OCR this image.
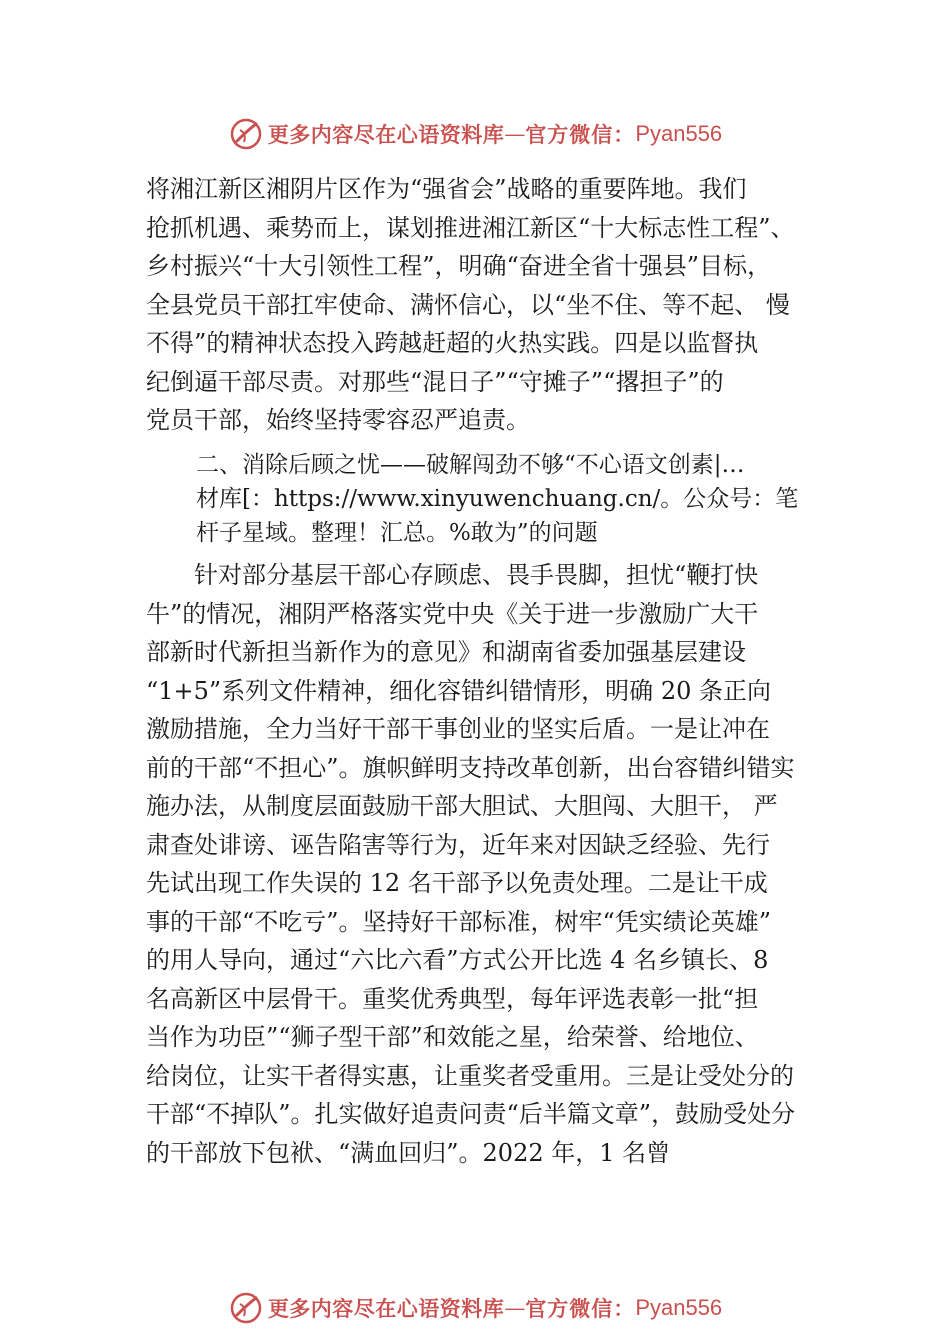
更多内容尽在心语资料库 — 官方微信： Pyan556
将湘江新区湘阴片区作为“强省会”战略的重要阵地。我们
抢抓机遇、乘势而上，谋划推进湘江新区“十大标志性工程”、
乡村振兴“十大引领性工程”，明确“奋进全省十强县”目标，
全县党员干部扛牢使命、满怀信心，以“坐不住、等不起、 慢
不得”的精神状态投入跨越赶超的火热实践。四是以监督执
纪倒逼干部尽责。对那些“混日子”“守摊子”“撂担子”的
党员干部，始终坚持零容忍严追责。
二、消除后顾之忧——破解闯劲不够“不心语文创素|…
材库[：https://www.xinyuwenchuang.cn/。公众号：笔
杆子星域。整理！汇总。%敢为”的问题
针对部分基层干部心存顾虑、畏手畏脚，担忧“鞭打快
牛”的情况，湘阴严格落实党中央《关于进一步激励广大干
部新时代新担当新作为的意见》和湖南省委加强基层建设
“1+5”系列文件精神，细化容错纠错情形，明确 20 条正向
激励措施，全力当好干部干事创业的坚实后盾。一是让冲在
前的干部“不担心”。旗帜鲜明支持改革创新，出台容错纠错实
施办法，从制度层面鼓励干部大胆试、大胆闯、大胆干， 严
肃查处诽谤、诬告陷害等行为，近年来对因缺乏经验、先行
先试出现工作失误的 12 名干部予以免责处理。二是让干成
事的干部“不吃亏”。坚持好干部标准，树牢“凭实绩论英雄”
的用人导向，通过“六比六看”方式公开比选 4 名乡镇长、8
名高新区中层骨干。重奖优秀典型，每年评选表彰一批“担
当作为功臣”“狮子型干部”和效能之星，给荣誉、给地位、
给岗位，让实干者得实惠，让重奖者受重用。三是让受处分的
干部“不掉队”。扎实做好追责问责“后半篇文章”，鼓励受处分
的干部放下包袱、“满血回归”。2022 年，1 名曾
更多内容尽在心语资料库 — 官方微信： Pyan556
